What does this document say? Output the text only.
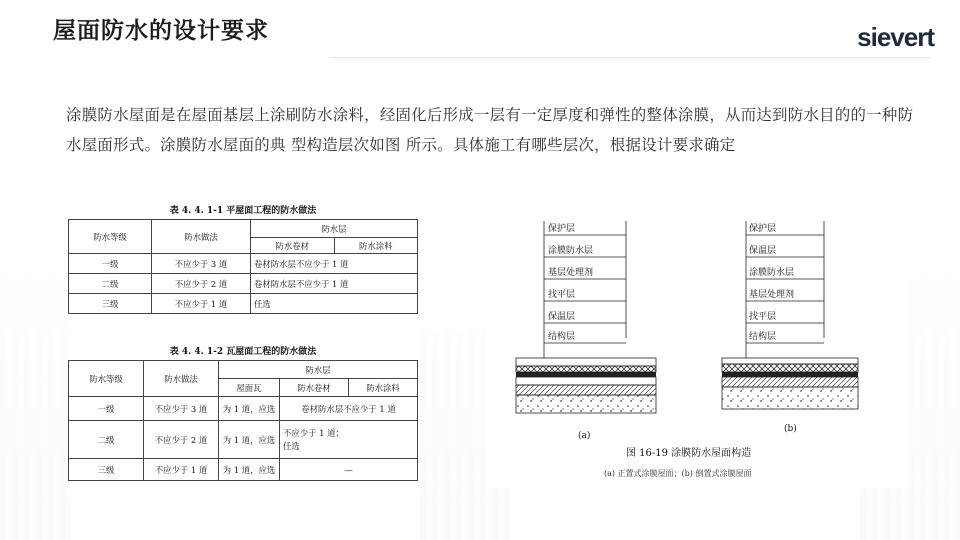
屋面防水的设计要求	sievert
涂膜防水屋面是在屋面基层上涂刷防水涂料，经固化后形成一层有一定厚度和弹性的整体涂膜，从而达到防水目的的一种防水屋面形式。涂膜防水屋面的典 型构造层次如图 所示。具体施工有哪些层次，根据设计要求确定
表 4. 4. 1-1 平屋面工程的防水做法
防水等级	防水做法	防水层	
		防水卷材	防水涂料
一级	不应少于 3 道	卷材防水层不应少于 1 道	
二级	不应少于 2 道	卷材防水层不应少于 1 道	
三级	不应少于 1 道	任选	
表 4. 4. 1-2 瓦屋面工程的防水做法
防水等级	防水做法	防水层		
		屋面瓦	防水卷材	防水涂料
一级	不应少于 3 道	为 1 道，应选	卷材防水层不应少于 1 道	
二级	不应少于 2 道	为 1 道，应选	不应少于 1 道；
任选	

三级	不应少于 1 道	为 1 道，应选	—	
保护层
涂膜防水层
基层处理剂
找平层
保温层
结构层
(a)
保护层
保温层
涂膜防水层
基层处理剂
找平层
结构层
(b)
图 16-19 涂膜防水屋面构造
(a) 正置式涂膜屋面；(b) 倒置式涂膜屋面
